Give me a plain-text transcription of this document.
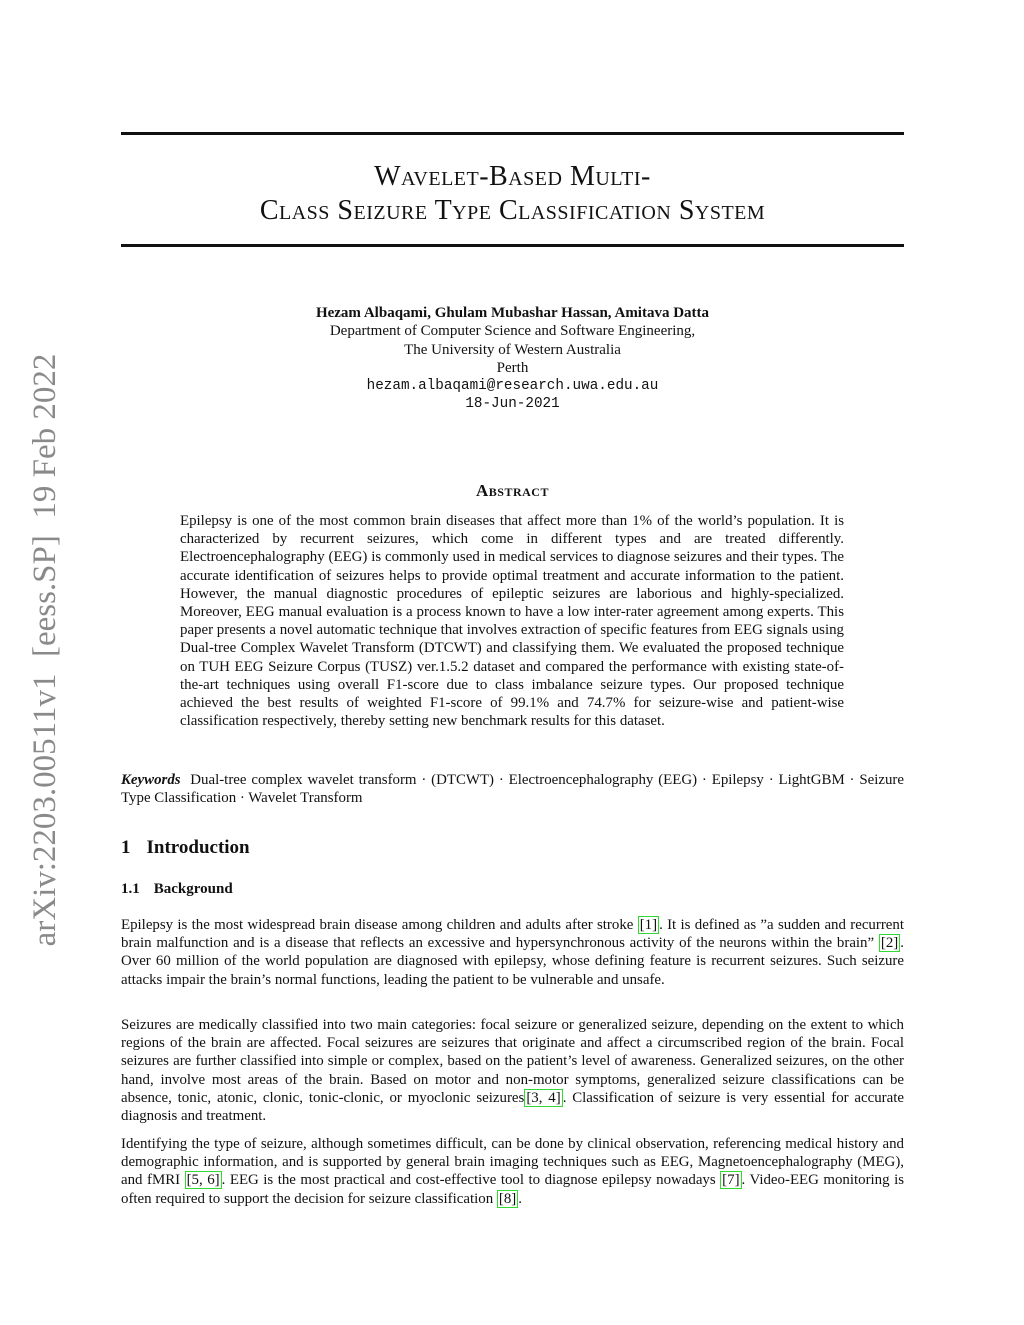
arXiv:2203.00511v1  [eess.SP]  19 Feb 2022
Wavelet-Based Multi-
Class Seizure Type Classification System
Hezam Albaqami, Ghulam Mubashar Hassan, Amitava Datta
Department of Computer Science and Software Engineering,
The University of Western Australia
Perth
hezam.albaqami@research.uwa.edu.au
18-Jun-2021
Abstract
Epilepsy is one of the most common brain diseases that affect more than 1% of the world’s population. It is characterized by recurrent seizures, which come in different types and are treated differently. Electroencephalography (EEG) is commonly used in medical services to diagnose seizures and their types. The accurate identification of seizures helps to provide optimal treatment and accurate information to the patient. However, the manual diagnostic procedures of epileptic seizures are laborious and highly-specialized. Moreover, EEG manual evaluation is a process known to have a low inter-rater agreement among experts. This paper presents a novel automatic technique that involves extraction of specific features from EEG signals using Dual-tree Complex Wavelet Transform (DTCWT) and classifying them. We evaluated the proposed technique on TUH EEG Seizure Corpus (TUSZ) ver.1.5.2 dataset and compared the performance with existing state-of-the-art techniques using overall F1-score due to class imbalance seizure types. Our proposed technique achieved the best results of weighted F1-score of 99.1% and 74.7% for seizure-wise and patient-wise classification respectively, thereby setting new benchmark results for this dataset.
Keywords Dual-tree complex wavelet transform · (DTCWT) · Electroencephalography (EEG) · Epilepsy · LightGBM · Seizure Type Classification · Wavelet Transform
1 Introduction
1.1 Background

Epilepsy is the most widespread brain disease among children and adults after stroke [1] . It is defined as ”a sudden and recurrent brain malfunction and is a disease that reflects an excessive and hypersynchronous activity of the neurons within the brain” [2] . Over 60 million of the world population are diagnosed with epilepsy, whose defining feature is recurrent seizures. Such seizure attacks impair the brain’s normal functions, leading the patient to be vulnerable and unsafe.

Seizures are medically classified into two main categories: focal seizure or generalized seizure, depending on the extent to which regions of the brain are affected. Focal seizures are seizures that originate and affect a circumscribed region of the brain. Focal seizures are further classified into simple or complex, based on the patient’s level of awareness. Generalized seizures, on the other hand, involve most areas of the brain. Based on motor and non-motor symptoms, generalized seizure classifications can be absence, tonic, atonic, clonic, tonic-clonic, or myoclonic seizures [3, 4] . Classification of seizure is very essential for accurate diagnosis and treatment.

Identifying the type of seizure, although sometimes difficult, can be done by clinical observation, referencing medical history and demographic information, and is supported by general brain imaging techniques such as EEG, Magnetoencephalography (MEG), and fMRI [5, 6] . EEG is the most practical and cost-effective tool to diagnose epilepsy nowadays [7] . Video-EEG monitoring is often required to support the decision for seizure classification [8] .
